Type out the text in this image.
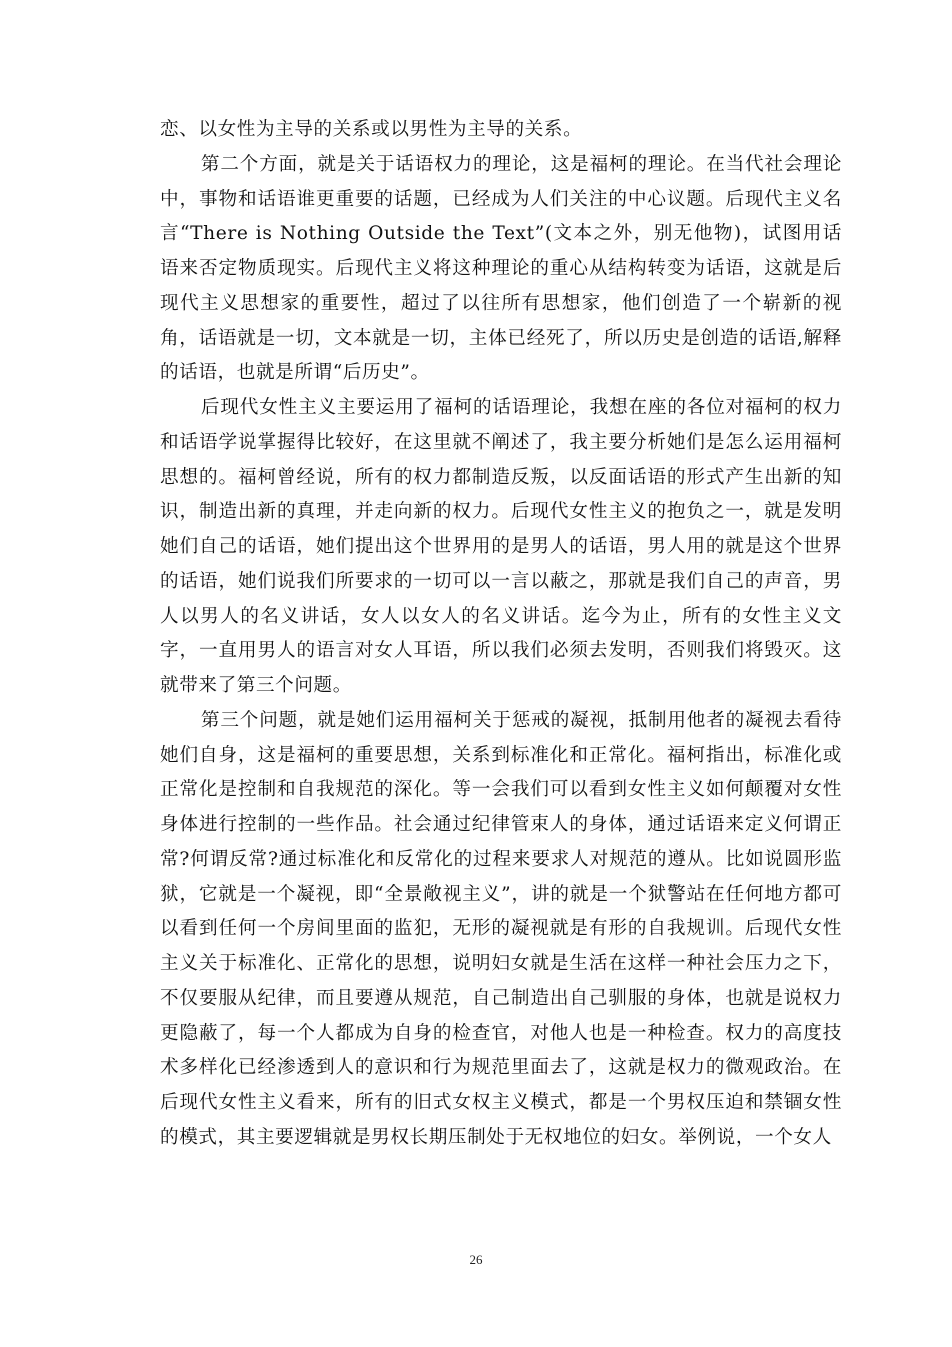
恋、以女性为主导的关系或以男性为主导的关系。

第二个方面，就是关于话语权力的理论，这是福柯的理论。在当代社会理论中，事物和话语谁更重要的话题，已经成为人们关注的中心议题。后现代主义名言“There is Nothing Outside the Text”(文本之外，别无他物)，试图用话语来否定物质现实。后现代主义将这种理论的重心从结构转变为话语，这就是后现代主义思想家的重要性，超过了以往所有思想家，他们创造了一个崭新的视角，话语就是一切，文本就是一切，主体已经死了，所以历史是创造的话语,解释的话语，也就是所谓“后历史”。

后现代女性主义主要运用了福柯的话语理论，我想在座的各位对福柯的权力和话语学说掌握得比较好，在这里就不阐述了，我主要分析她们是怎么运用福柯思想的。福柯曾经说，所有的权力都制造反叛，以反面话语的形式产生出新的知识，制造出新的真理，并走向新的权力。后现代女性主义的抱负之一，就是发明她们自己的话语，她们提出这个世界用的是男人的话语，男人用的就是这个世界的话语，她们说我们所要求的一切可以一言以蔽之，那就是我们自己的声音，男人以男人的名义讲话，女人以女人的名义讲话。迄今为止，所有的女性主义文字，一直用男人的语言对女人耳语，所以我们必须去发明，否则我们将毁灭。这就带来了第三个问题。

第三个问题，就是她们运用福柯关于惩戒的凝视，抵制用他者的凝视去看待她们自身，这是福柯的重要思想，关系到标准化和正常化。福柯指出，标准化或正常化是控制和自我规范的深化。等一会我们可以看到女性主义如何颠覆对女性身体进行控制的一些作品。社会通过纪律管束人的身体，通过话语来定义何谓正常?何谓反常?通过标准化和反常化的过程来要求人对规范的遵从。比如说圆形监狱，它就是一个凝视，即“全景敞视主义”，讲的就是一个狱警站在任何地方都可以看到任何一个房间里面的监犯，无形的凝视就是有形的自我规训。后现代女性主义关于标准化、正常化的思想，说明妇女就是生活在这样一种社会压力之下，不仅要服从纪律，而且要遵从规范，自己制造出自己驯服的身体，也就是说权力更隐蔽了，每一个人都成为自身的检查官，对他人也是一种检查。权力的高度技术多样化已经渗透到人的意识和行为规范里面去了，这就是权力的微观政治。在后现代女性主义看来，所有的旧式女权主义模式，都是一个男权压迫和禁锢女性的模式，其主要逻辑就是男权长期压制处于无权地位的妇女。举例说，一个女人

26
